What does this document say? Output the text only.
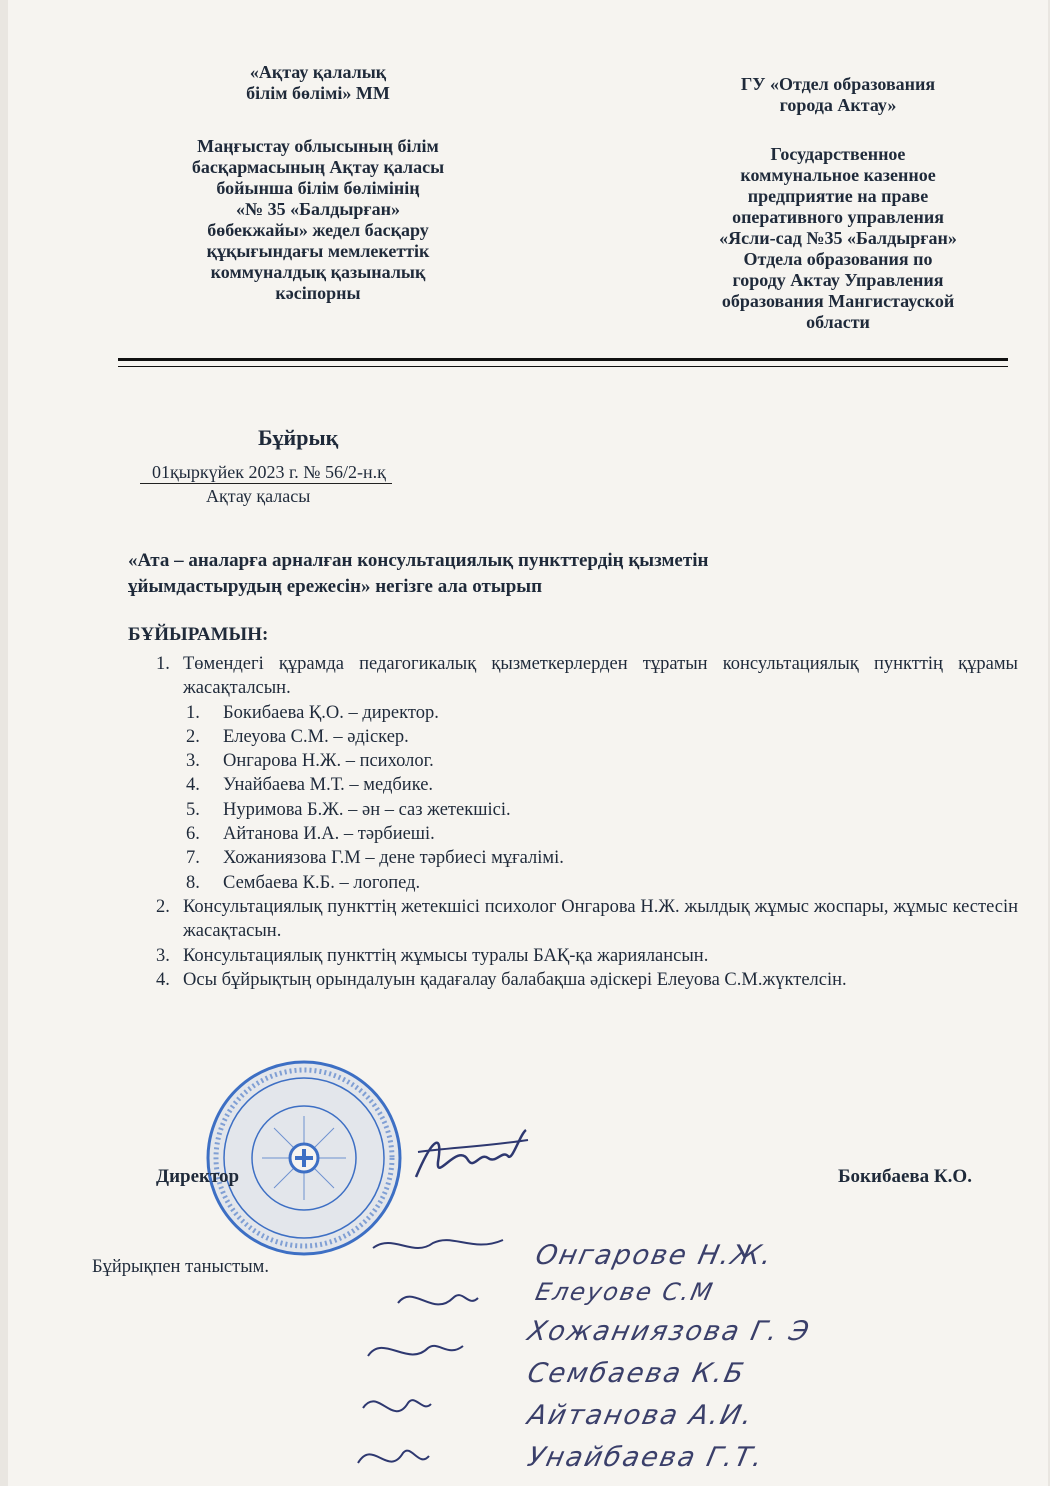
«Ақтау қалалық
білім бөлімі» ММ
Маңғыстау облысының білім
басқармасының Ақтау қаласы
бойынша білім бөлімінің
«№ 35 «Балдырған»
бөбекжайы» жедел басқару
құқығындағы мемлекеттік
коммуналдық қазыналық
кәсіпорны
ГУ «Отдел образования
города Актау»
Государственное
коммунальное казенное
предприятие на праве
оперативного управления
«Ясли-сад №35 «Балдырған»
Отдела образования по
городу Актау Управления
образования Мангистауской
области
Бұйрық
01қыркүйек 2023 г. № 56/2-н.қ
Ақтау қаласы
«Ата – аналарға арналған консультациялық пункттердің қызметін
ұйымдастырудың ережесін» негізге ала отырып
БҰЙЫРАМЫН:
1. Төмендегі құрамда педагогикалық қызметкерлерден тұратын консультациялық пункттің құрамы жасақталсын.
1. Бокибаева Қ.О. – директор.
2. Елеуова С.М. – әдіскер.
3. Онгарова Н.Ж. – психолог.
4. Унайбаева М.Т. – медбике.
5. Нуримова Б.Ж. – ән – саз жетекшісі.
6. Айтанова И.А. – тәрбиеші.
7. Хожаниязова Г.М – дене тәрбиесі мұғалімі.
8. Сембаева К.Б. – логопед.
2. Консультациялық пункттің жетекшісі психолог Онгарова Н.Ж. жылдық жұмыс жоспары, жұмыс кестесін жасақтасын.
3. Консультациялық пункттің жұмысы туралы БАҚ-қа жариялансын.
4. Осы бұйрықтың орындалуын қадағалау балабақша әдіскері Елеуова С.М.жүктелсін.
Директор	Бокибаева К.О.
Бұйрықпен таныстым.	Онгарове Н.Ж.
Елеуове С.М
Хожаниязова Г. Э
Сембаева К.Б
Айтанова А.И.
Унайбаева Г.Т.
